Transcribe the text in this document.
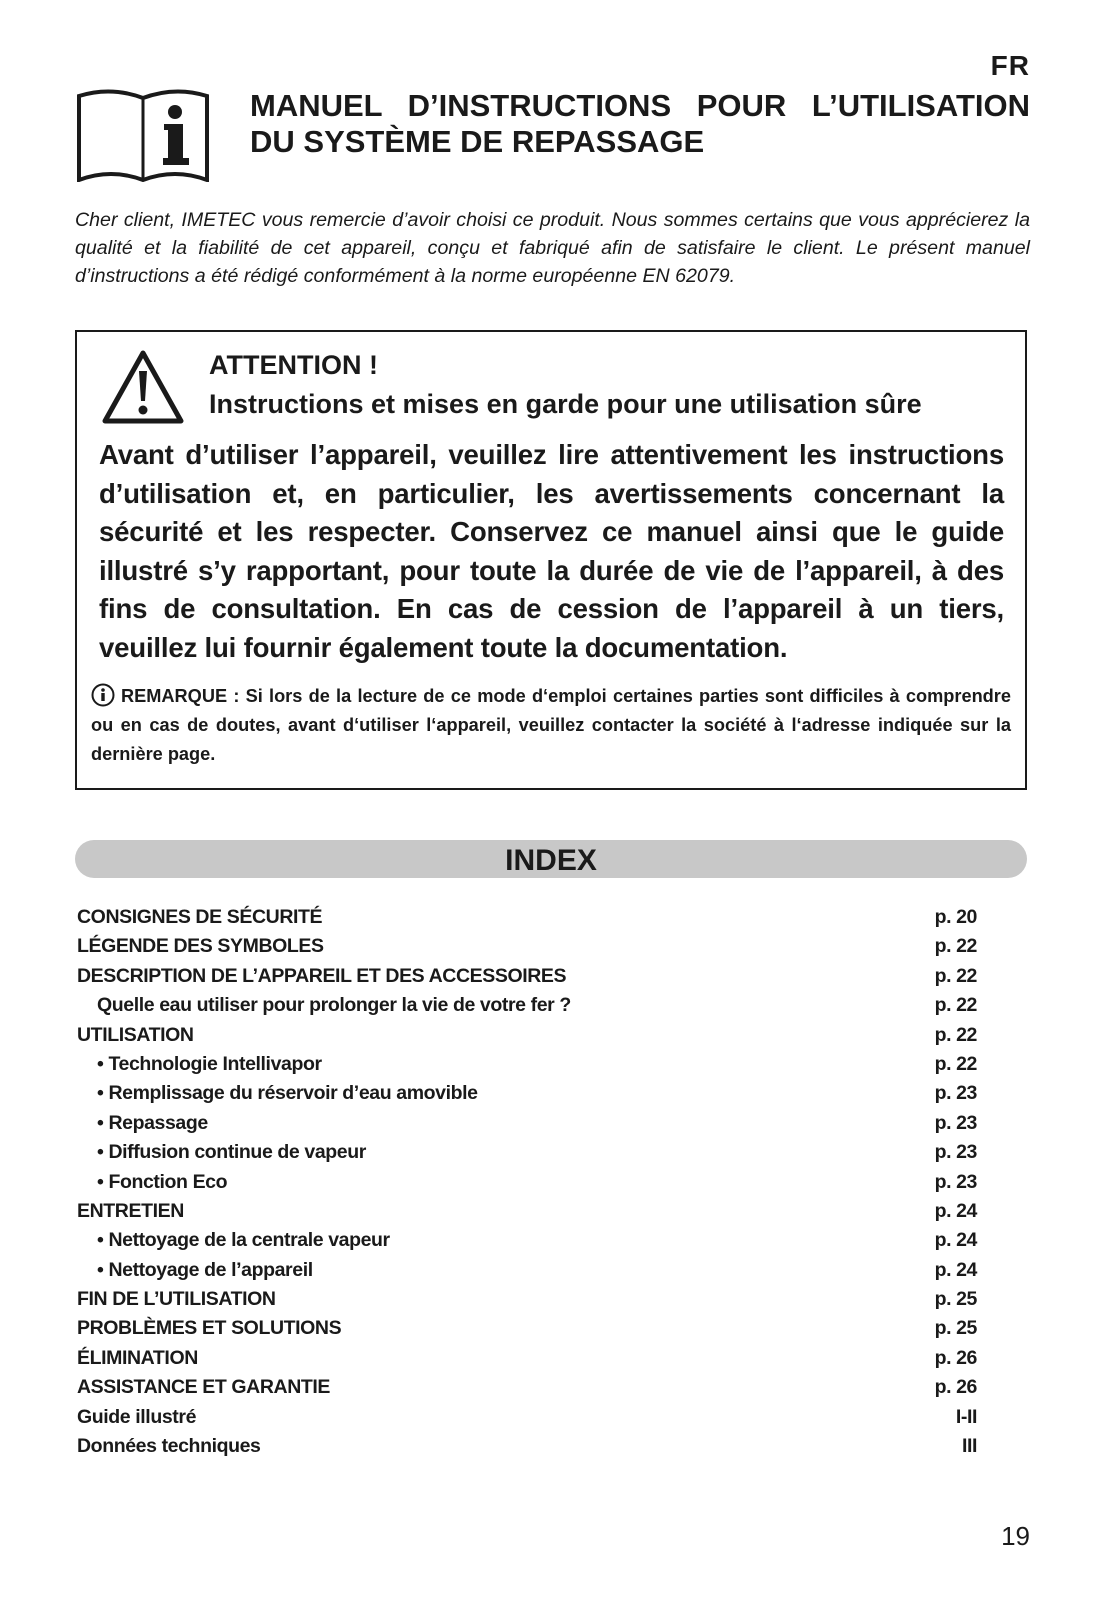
FR
MANUEL D’INSTRUCTIONS POUR L’UTILISATION
DU SYSTÈME DE REPASSAGE

Cher client, IMETEC vous remercie d’avoir choisi ce produit. Nous sommes certains que vous apprécierez la qualité et la fiabilité de cet appareil, conçu et fabriqué afin de satisfaire le client. Le présent manuel d’instructions a été rédigé conformément à la norme européenne EN 62079.

ATTENTION !
Instructions et mises en garde pour une utilisation sûre

Avant d’utiliser l’appareil, veuillez lire attentivement les instructions d’utilisation et, en particulier, les avertissements concernant la sécurité et les respecter. Conservez ce manuel ainsi que le guide illustré s’y rapportant, pour toute la durée de vie de l’appareil, à des fins de consultation. En cas de cession de l’appareil à un tiers, veuillez lui fournir également toute la documentation.

REMARQUE : Si lors de la lecture de ce mode d‘emploi certaines parties sont difficiles à comprendre ou en cas de doutes, avant d‘utiliser l‘appareil, veuillez contacter la société à l‘adresse indiquée sur la dernière page.

INDEX
CONSIGNES DE SÉCURITÉ	p. 20
LÉGENDE DES SYMBOLES	p. 22
DESCRIPTION DE L’APPAREIL ET DES ACCESSOIRES	p. 22
Quelle eau utiliser pour prolonger la vie de votre fer ?	p. 22
UTILISATION	p. 22
• Technologie Intellivapor	p. 22
• Remplissage du réservoir d’eau amovible	p. 23
• Repassage	p. 23
• Diffusion continue de vapeur	p. 23
• Fonction Eco	p. 23
ENTRETIEN	p. 24
• Nettoyage de la centrale vapeur	p. 24
• Nettoyage de l’appareil	p. 24
FIN DE L’UTILISATION	p. 25
PROBLÈMES ET SOLUTIONS	p. 25
ÉLIMINATION	p. 26
ASSISTANCE ET GARANTIE	p. 26
Guide illustré	I-II
Données techniques	III

19
